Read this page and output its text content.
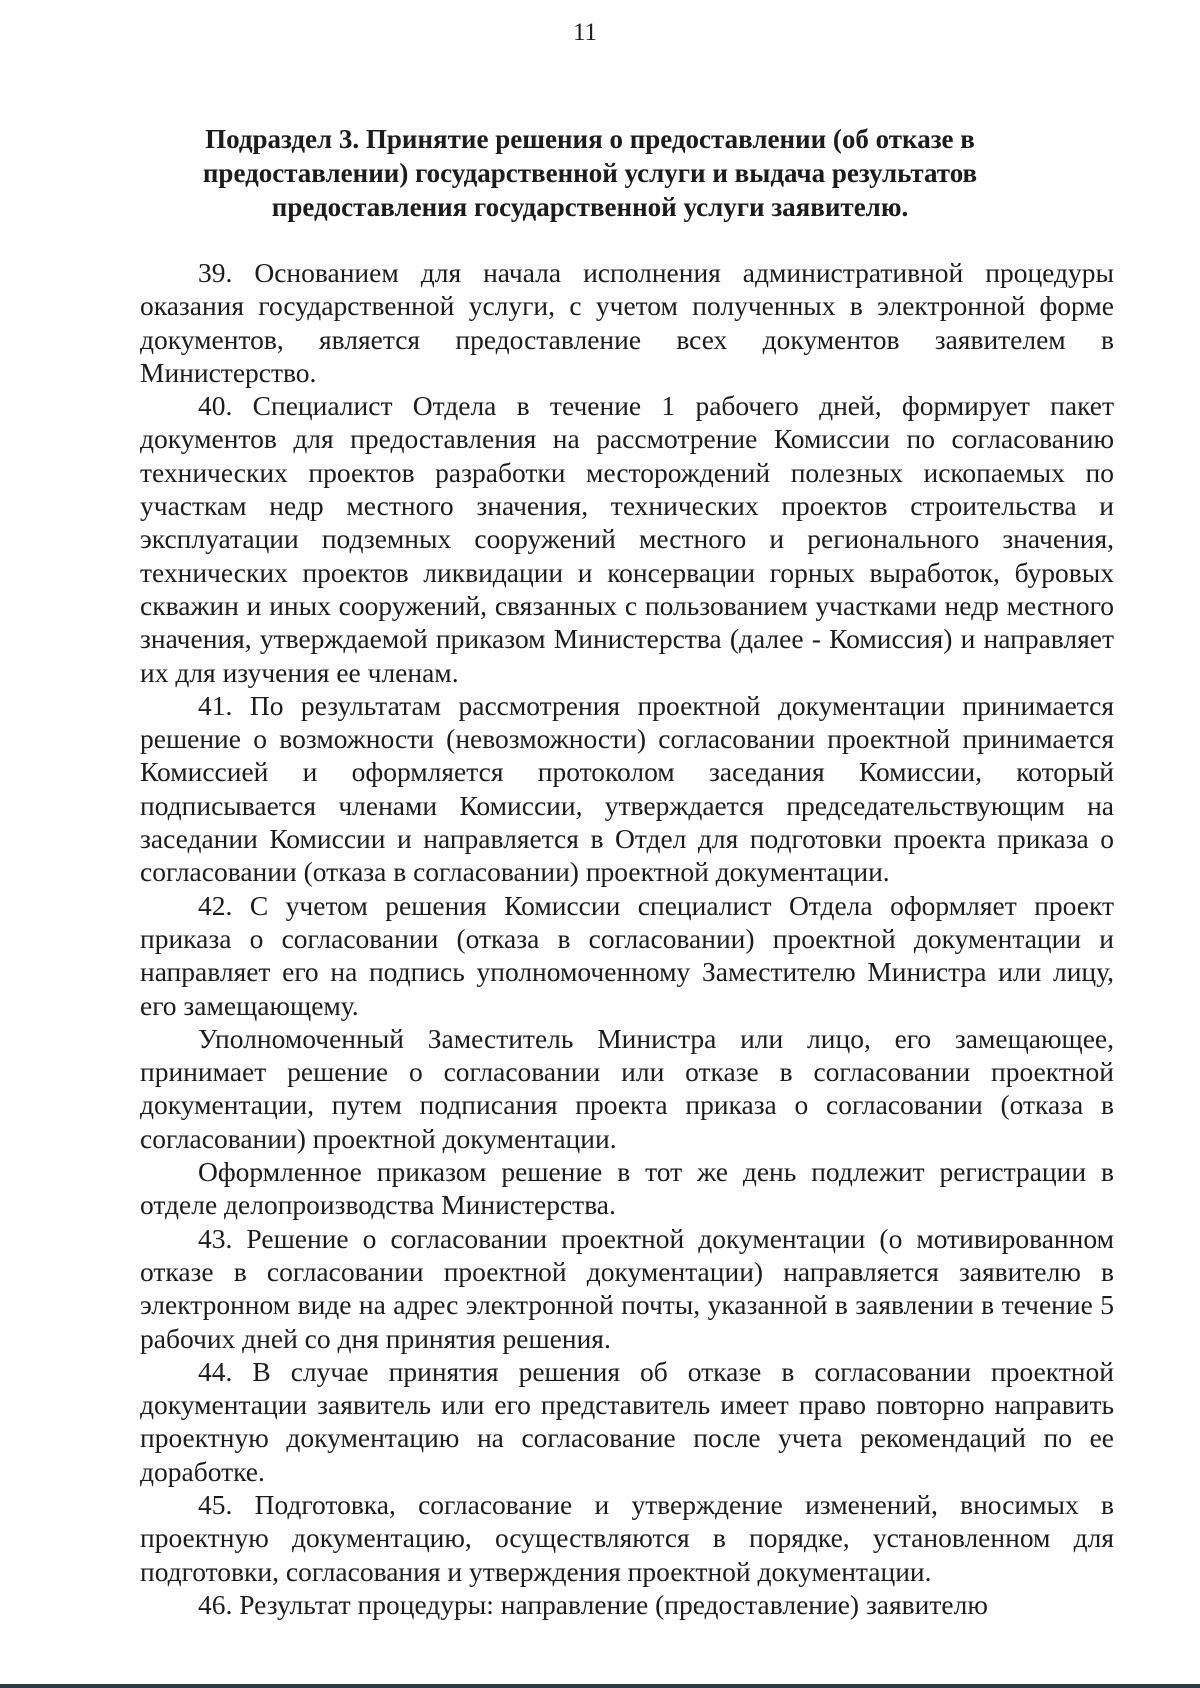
11
Подраздел 3. Принятие решения о предоставлении (об отказе в предоставлении) государственной услуги и выдача результатов предоставления государственной услуги заявителю.

39. Основанием для начала исполнения административной процедуры оказания государственной услуги, с учетом полученных в электронной форме документов, является предоставление всех документов заявителем в Министерство.

40. Специалист Отдела в течение 1 рабочего дней, формирует пакет документов для предоставления на рассмотрение Комиссии по согласованию технических проектов разработки месторождений полезных ископаемых по участкам недр местного значения, технических проектов строительства и эксплуатации подземных сооружений местного и регионального значения, технических проектов ликвидации и консервации горных выработок, буровых скважин и иных сооружений, связанных с пользованием участками недр местного значения, утверждаемой приказом Министерства (далее - Комиссия) и направляет их для изучения ее членам.

41. По результатам рассмотрения проектной документации принимается решение о возможности (невозможности) согласовании проектной принимается Комиссией и оформляется протоколом заседания Комиссии, который подписывается членами Комиссии, утверждается председательствующим на заседании Комиссии и направляется в Отдел для подготовки проекта приказа о согласовании (отказа в согласовании) проектной документации.

42. С учетом решения Комиссии специалист Отдела оформляет проект приказа о согласовании (отказа в согласовании) проектной документации и направляет его на подпись уполномоченному Заместителю Министра или лицу, его замещающему.

Уполномоченный Заместитель Министра или лицо, его замещающее, принимает решение о согласовании или отказе в согласовании проектной документации, путем подписания проекта приказа о согласовании (отказа в согласовании) проектной документации.

Оформленное приказом решение в тот же день подлежит регистрации в отделе делопроизводства Министерства.

43. Решение о согласовании проектной документации (о мотивированном отказе в согласовании проектной документации) направляется заявителю в электронном виде на адрес электронной почты, указанной в заявлении в течение 5 рабочих дней со дня принятия решения.

44. В случае принятия решения об отказе в согласовании проектной документации заявитель или его представитель имеет право повторно направить проектную документацию на согласование после учета рекомендаций по ее доработке.

45. Подготовка, согласование и утверждение изменений, вносимых в проектную документацию, осуществляются в порядке, установленном для подготовки, согласования и утверждения проектной документации.

46. Результат процедуры: направление (предоставление) заявителю
